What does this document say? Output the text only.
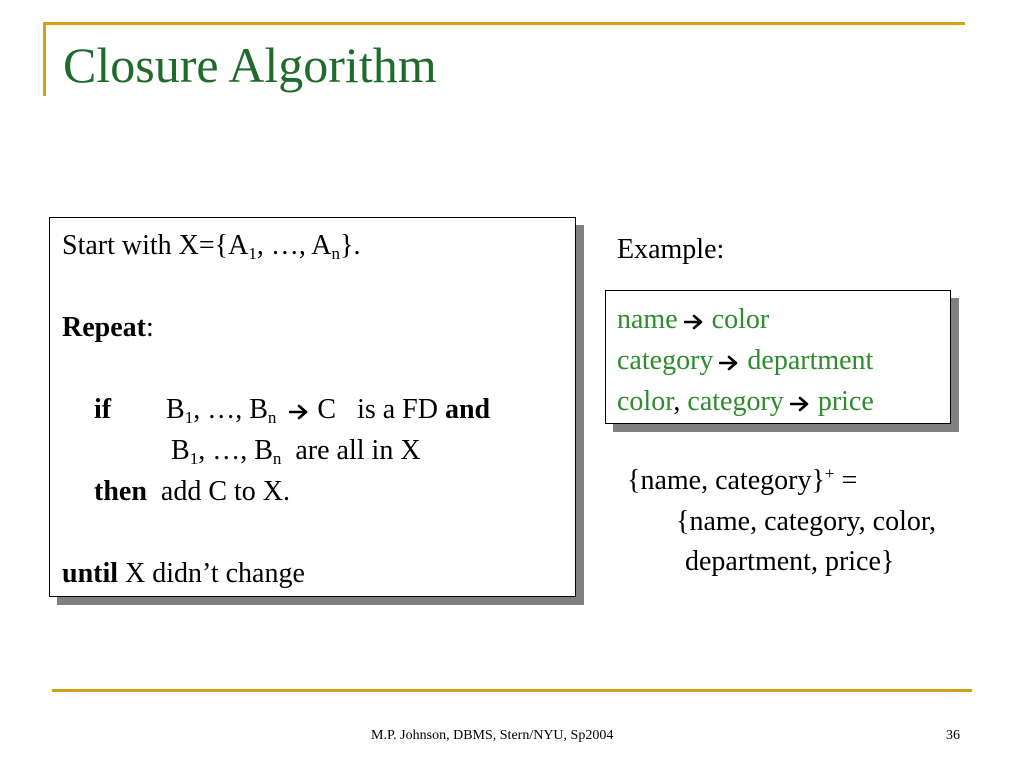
Closure Algorithm
Start with $X=\{A_1$, …, $A_n$}.
Repeat:
if $B_1$, …, $B_n$ C is a FD and
$B_1$, …, $B_n$ are all in X
then add C to X.
until X didn’t change
Example:
name color
category department
color, category price
{name, category}+ =
{name, category, color,
department, price}
M.P. Johnson, DBMS, Stern/NYU, Sp2004	36
